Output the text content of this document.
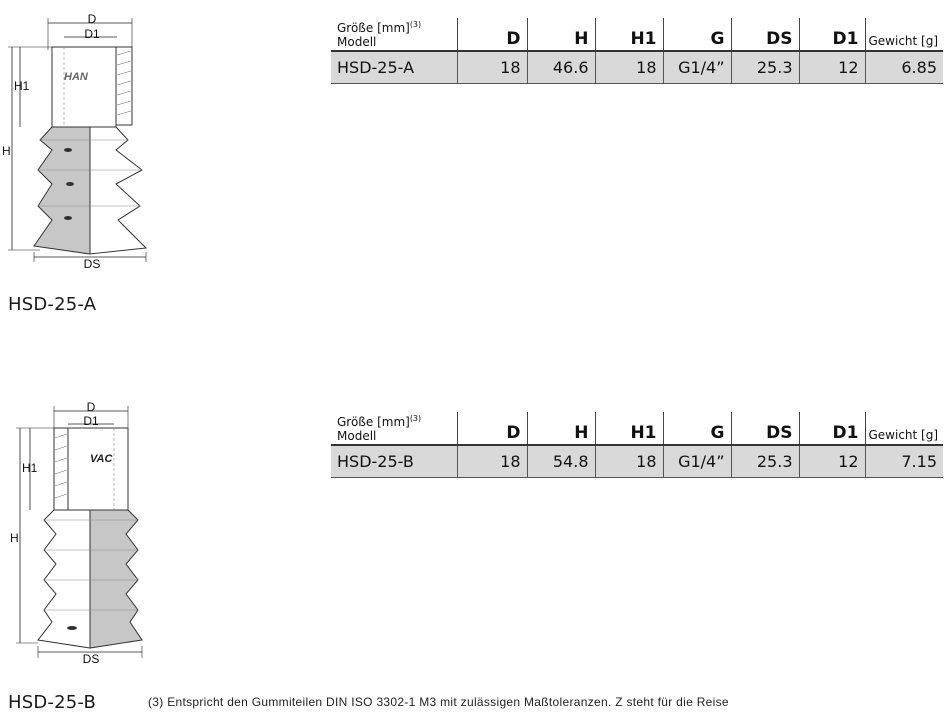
D
D1
HAN
H1
H
DS
HSD-25-A
Größe [mm]$^{(3)}$
Modell	D	H	H1	G	DS	D1	Gewicht [g]
HSD-25-A	18	46.6	18	G1/4”	25.3	12	6.85
D
D1
VAC
H1
H
DS
HSD-25-B
Größe [mm]$^{(3)}$
Modell	D	H	H1	G	DS	D1	Gewicht [g]
HSD-25-B	18	54.8	18	G1/4”	25.3	12	7.15
(3) Entspricht den Gummiteilen DIN ISO 3302-1 M3 mit zulässigen Maßtoleranzen. Z steht für die Reise
